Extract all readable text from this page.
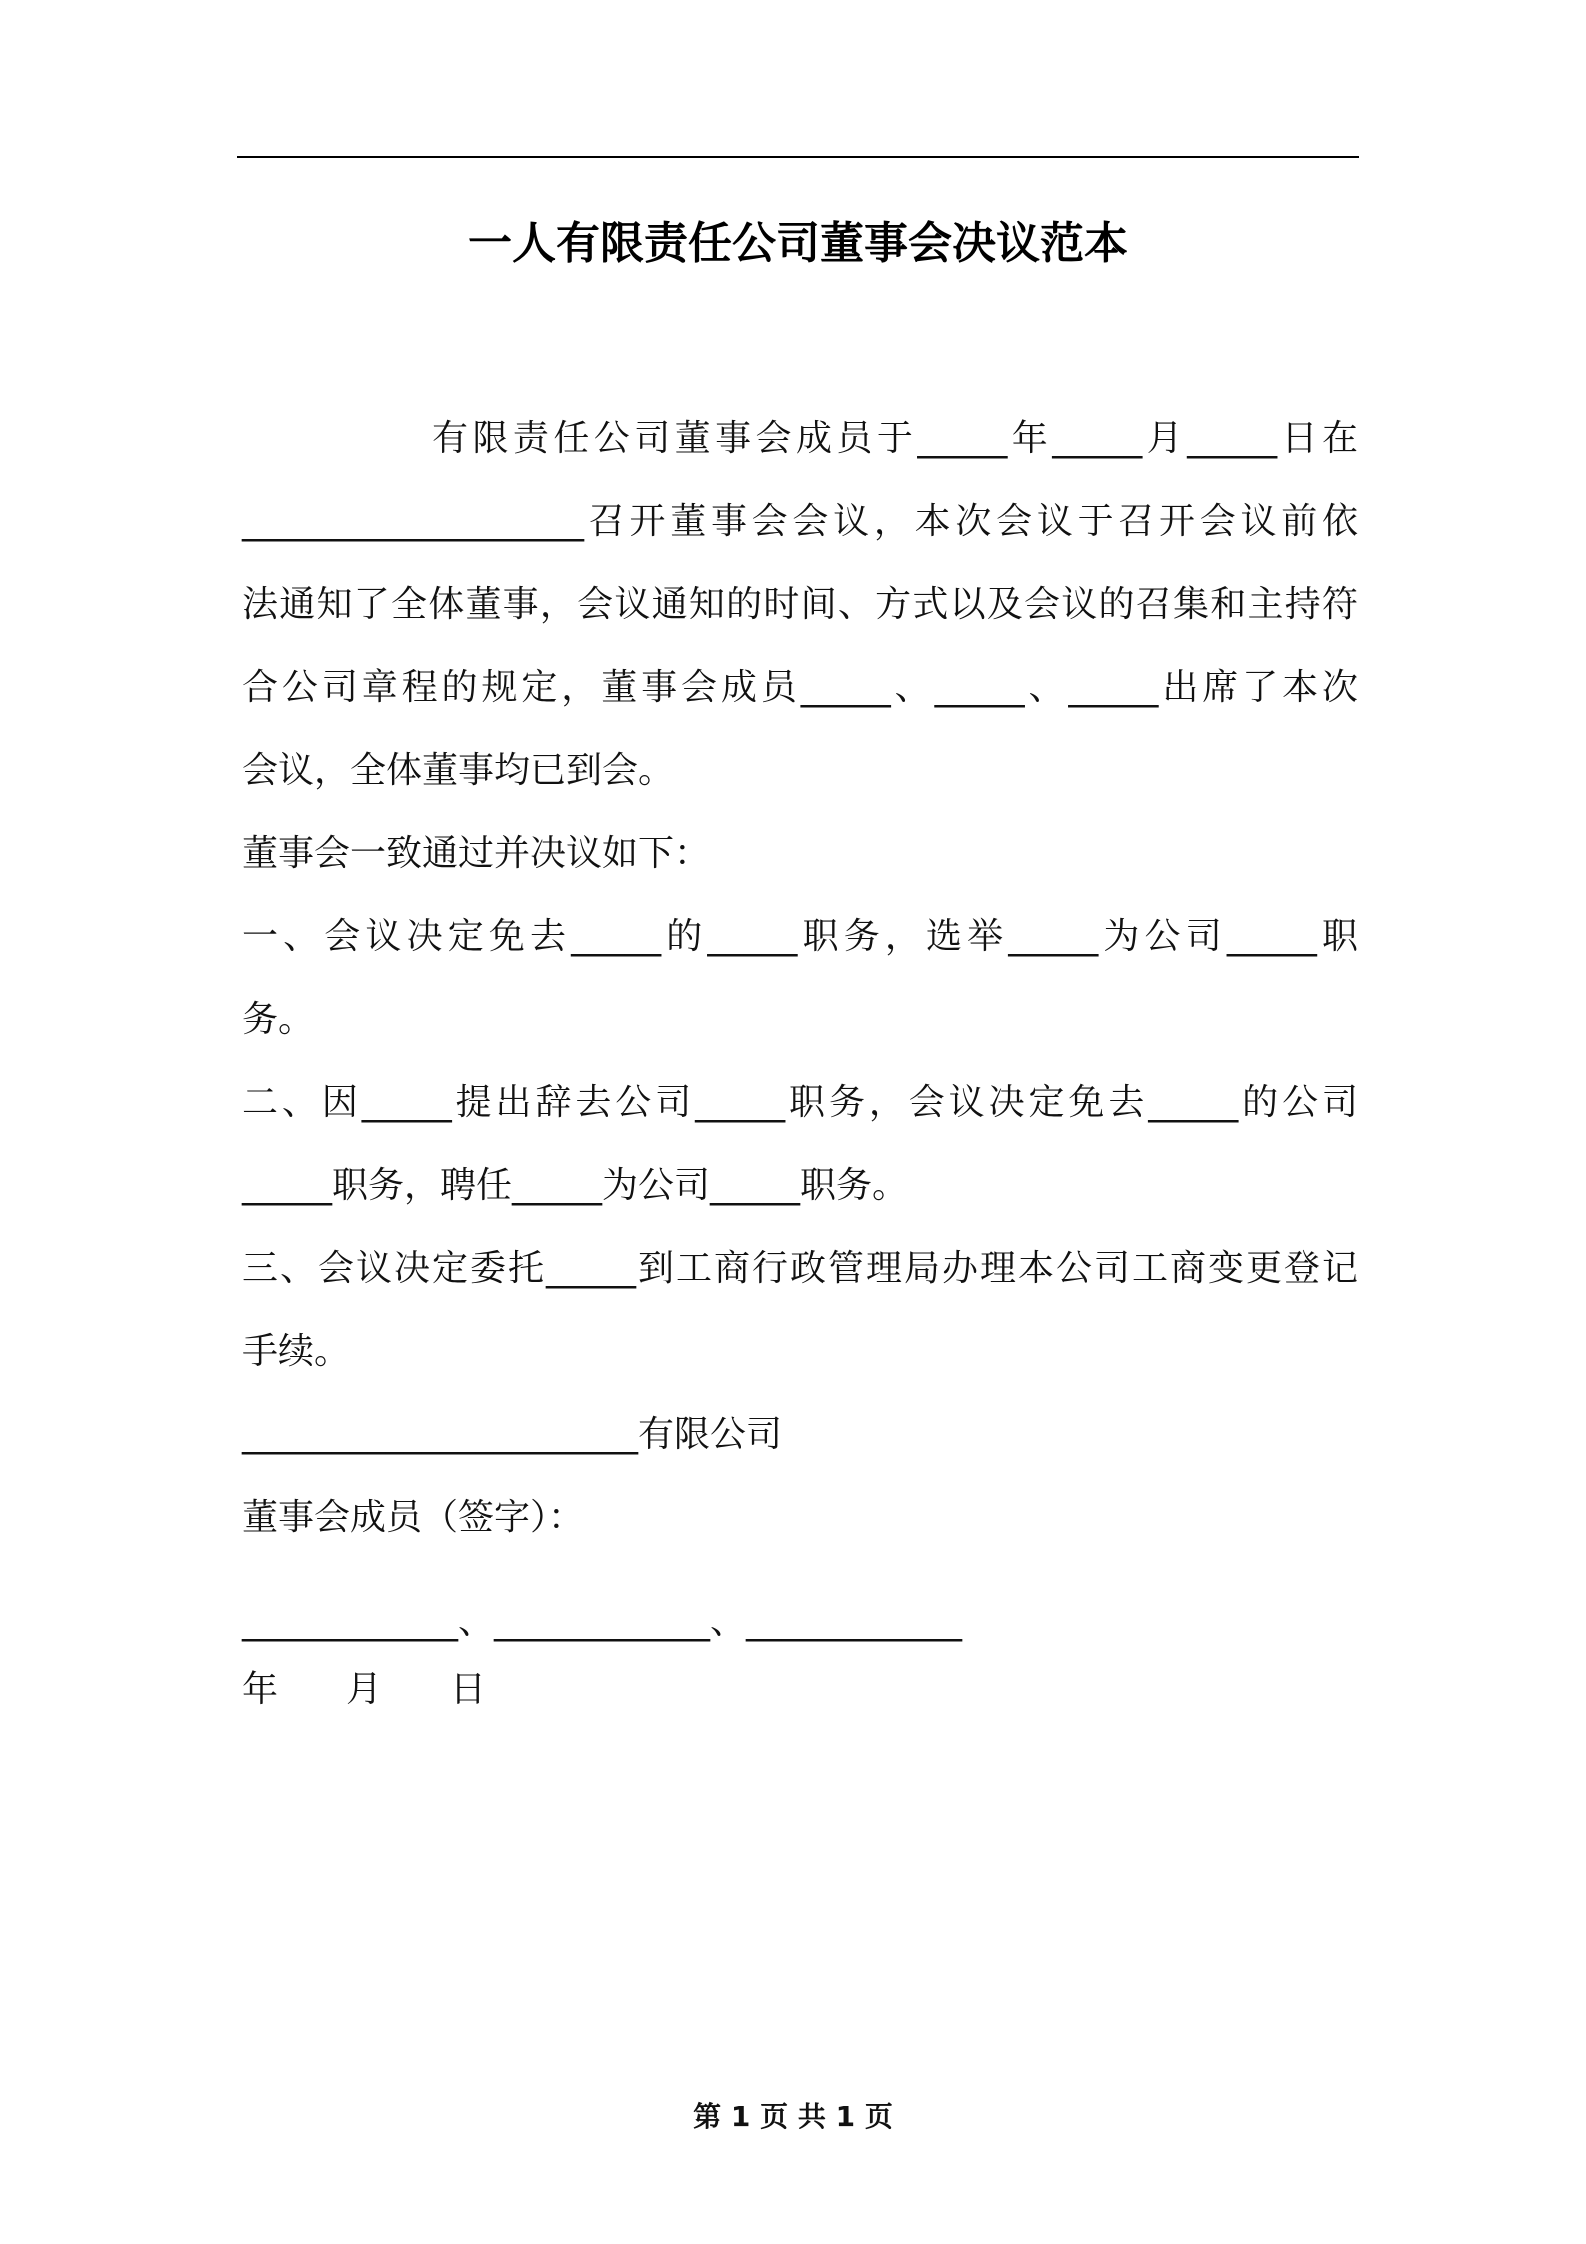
一人有限责任公司董事会决议范本
有限责任公司董事会成员于_____年_____月_____日在
___________________召开董事会会议，本次会议于召开会议前依
法通知了全体董事，会议通知的时间、方式以及会议的召集和主持符
合公司章程的规定，董事会成员_____、_____、_____出席了本次
会议，全体董事均已到会。
董事会一致通过并决议如下：
一、会议决定免去_____的_____职务，选举_____为公司_____职
务。
二、因_____提出辞去公司_____职务，会议决定免去_____的公司
_____职务，聘任_____为公司_____职务。
三、会议决定委托_____到工商行政管理局办理本公司工商变更登记
手续。
______________________有限公司
董事会成员（签字）：
____________、____________、____________
年 月 日
第 1 页 共 1 页
